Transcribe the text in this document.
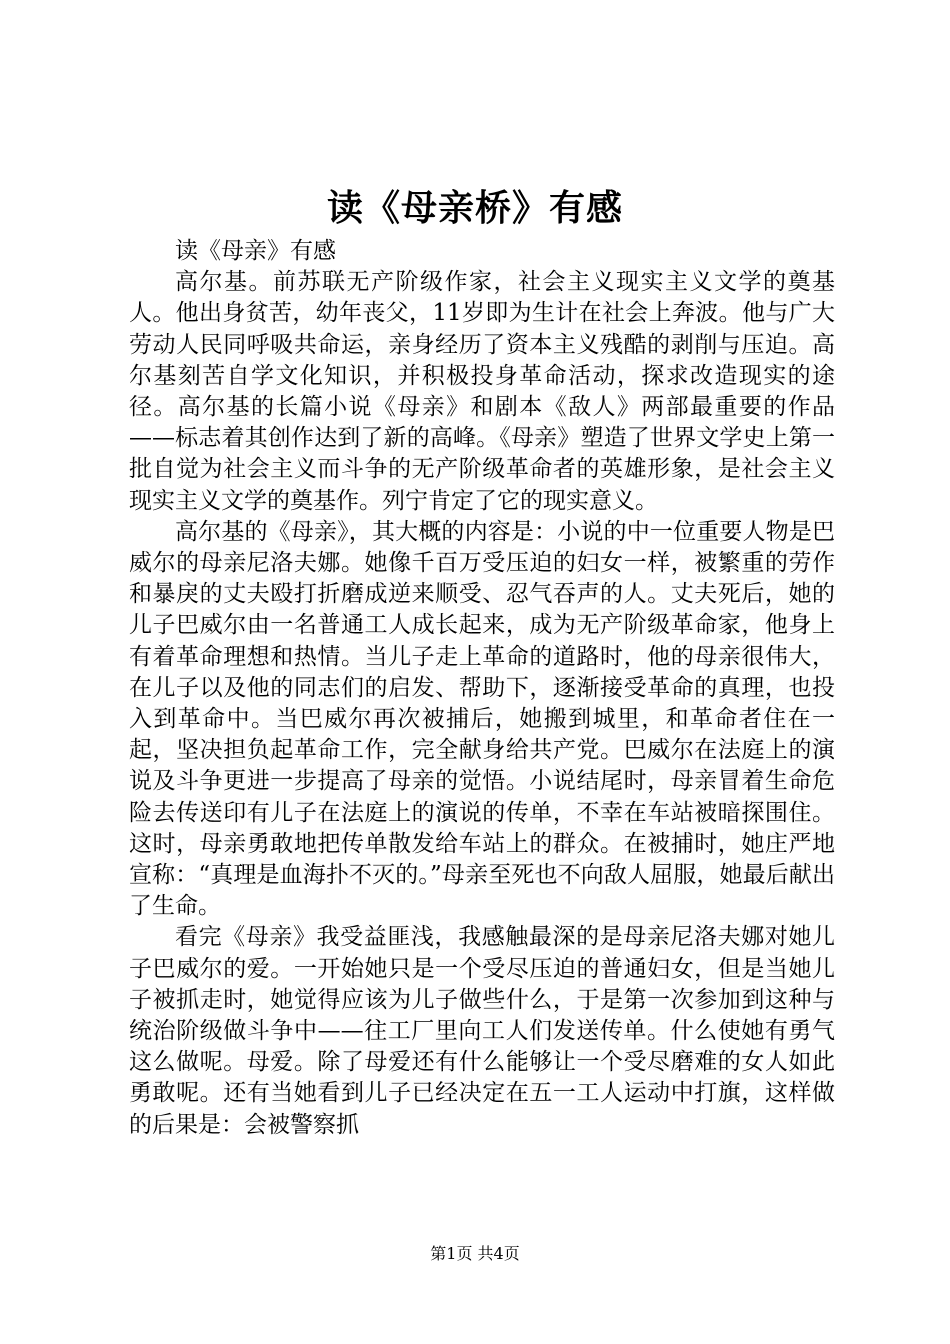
读《母亲桥》有感

读《母亲》有感

高尔基。前苏联无产阶级作家，社会主义现实主义文学的奠基人。他出身贫苦，幼年丧父，11岁即为生计在社会上奔波。他与广大劳动人民同呼吸共命运，亲身经历了资本主义残酷的剥削与压迫。高尔基刻苦自学文化知识，并积极投身革命活动，探求改造现实的途径。高尔基的长篇小说《母亲》和剧本《敌人》两部最重要的作品——标志着其创作达到了新的高峰。《母亲》塑造了世界文学史上第一批自觉为社会主义而斗争的无产阶级革命者的英雄形象，是社会主义现实主义文学的奠基作。列宁肯定了它的现实意义。

高尔基的《母亲》，其大概的内容是：小说的中一位重要人物是巴威尔的母亲尼洛夫娜。她像千百万受压迫的妇女一样，被繁重的劳作和暴戾的丈夫殴打折磨成逆来顺受、忍气吞声的人。丈夫死后，她的儿子巴威尔由一名普通工人成长起来，成为无产阶级革命家，他身上有着革命理想和热情。当儿子走上革命的道路时，他的母亲很伟大，在儿子以及他的同志们的启发、帮助下，逐渐接受革命的真理，也投入到革命中。当巴威尔再次被捕后，她搬到城里，和革命者住在一起，坚决担负起革命工作，完全献身给共产党。巴威尔在法庭上的演说及斗争更进一步提高了母亲的觉悟。小说结尾时，母亲冒着生命危险去传送印有儿子在法庭上的演说的传单，不幸在车站被暗探围住。这时，母亲勇敢地把传单散发给车站上的群众。在被捕时，她庄严地宣称：“真理是血海扑不灭的。”母亲至死也不向敌人屈服，她最后献出了生命。

看完《母亲》我受益匪浅，我感触最深的是母亲尼洛夫娜对她儿子巴威尔的爱。一开始她只是一个受尽压迫的普通妇女，但是当她儿子被抓走时，她觉得应该为儿子做些什么，于是第一次参加到这种与统治阶级做斗争中——往工厂里向工人们发送传单。什么使她有勇气这么做呢。母爱。除了母爱还有什么能够让一个受尽磨难的女人如此勇敢呢。还有当她看到儿子已经决定在五一工人运动中打旗，这样做的后果是：会被警察抓

第1页 共4页
